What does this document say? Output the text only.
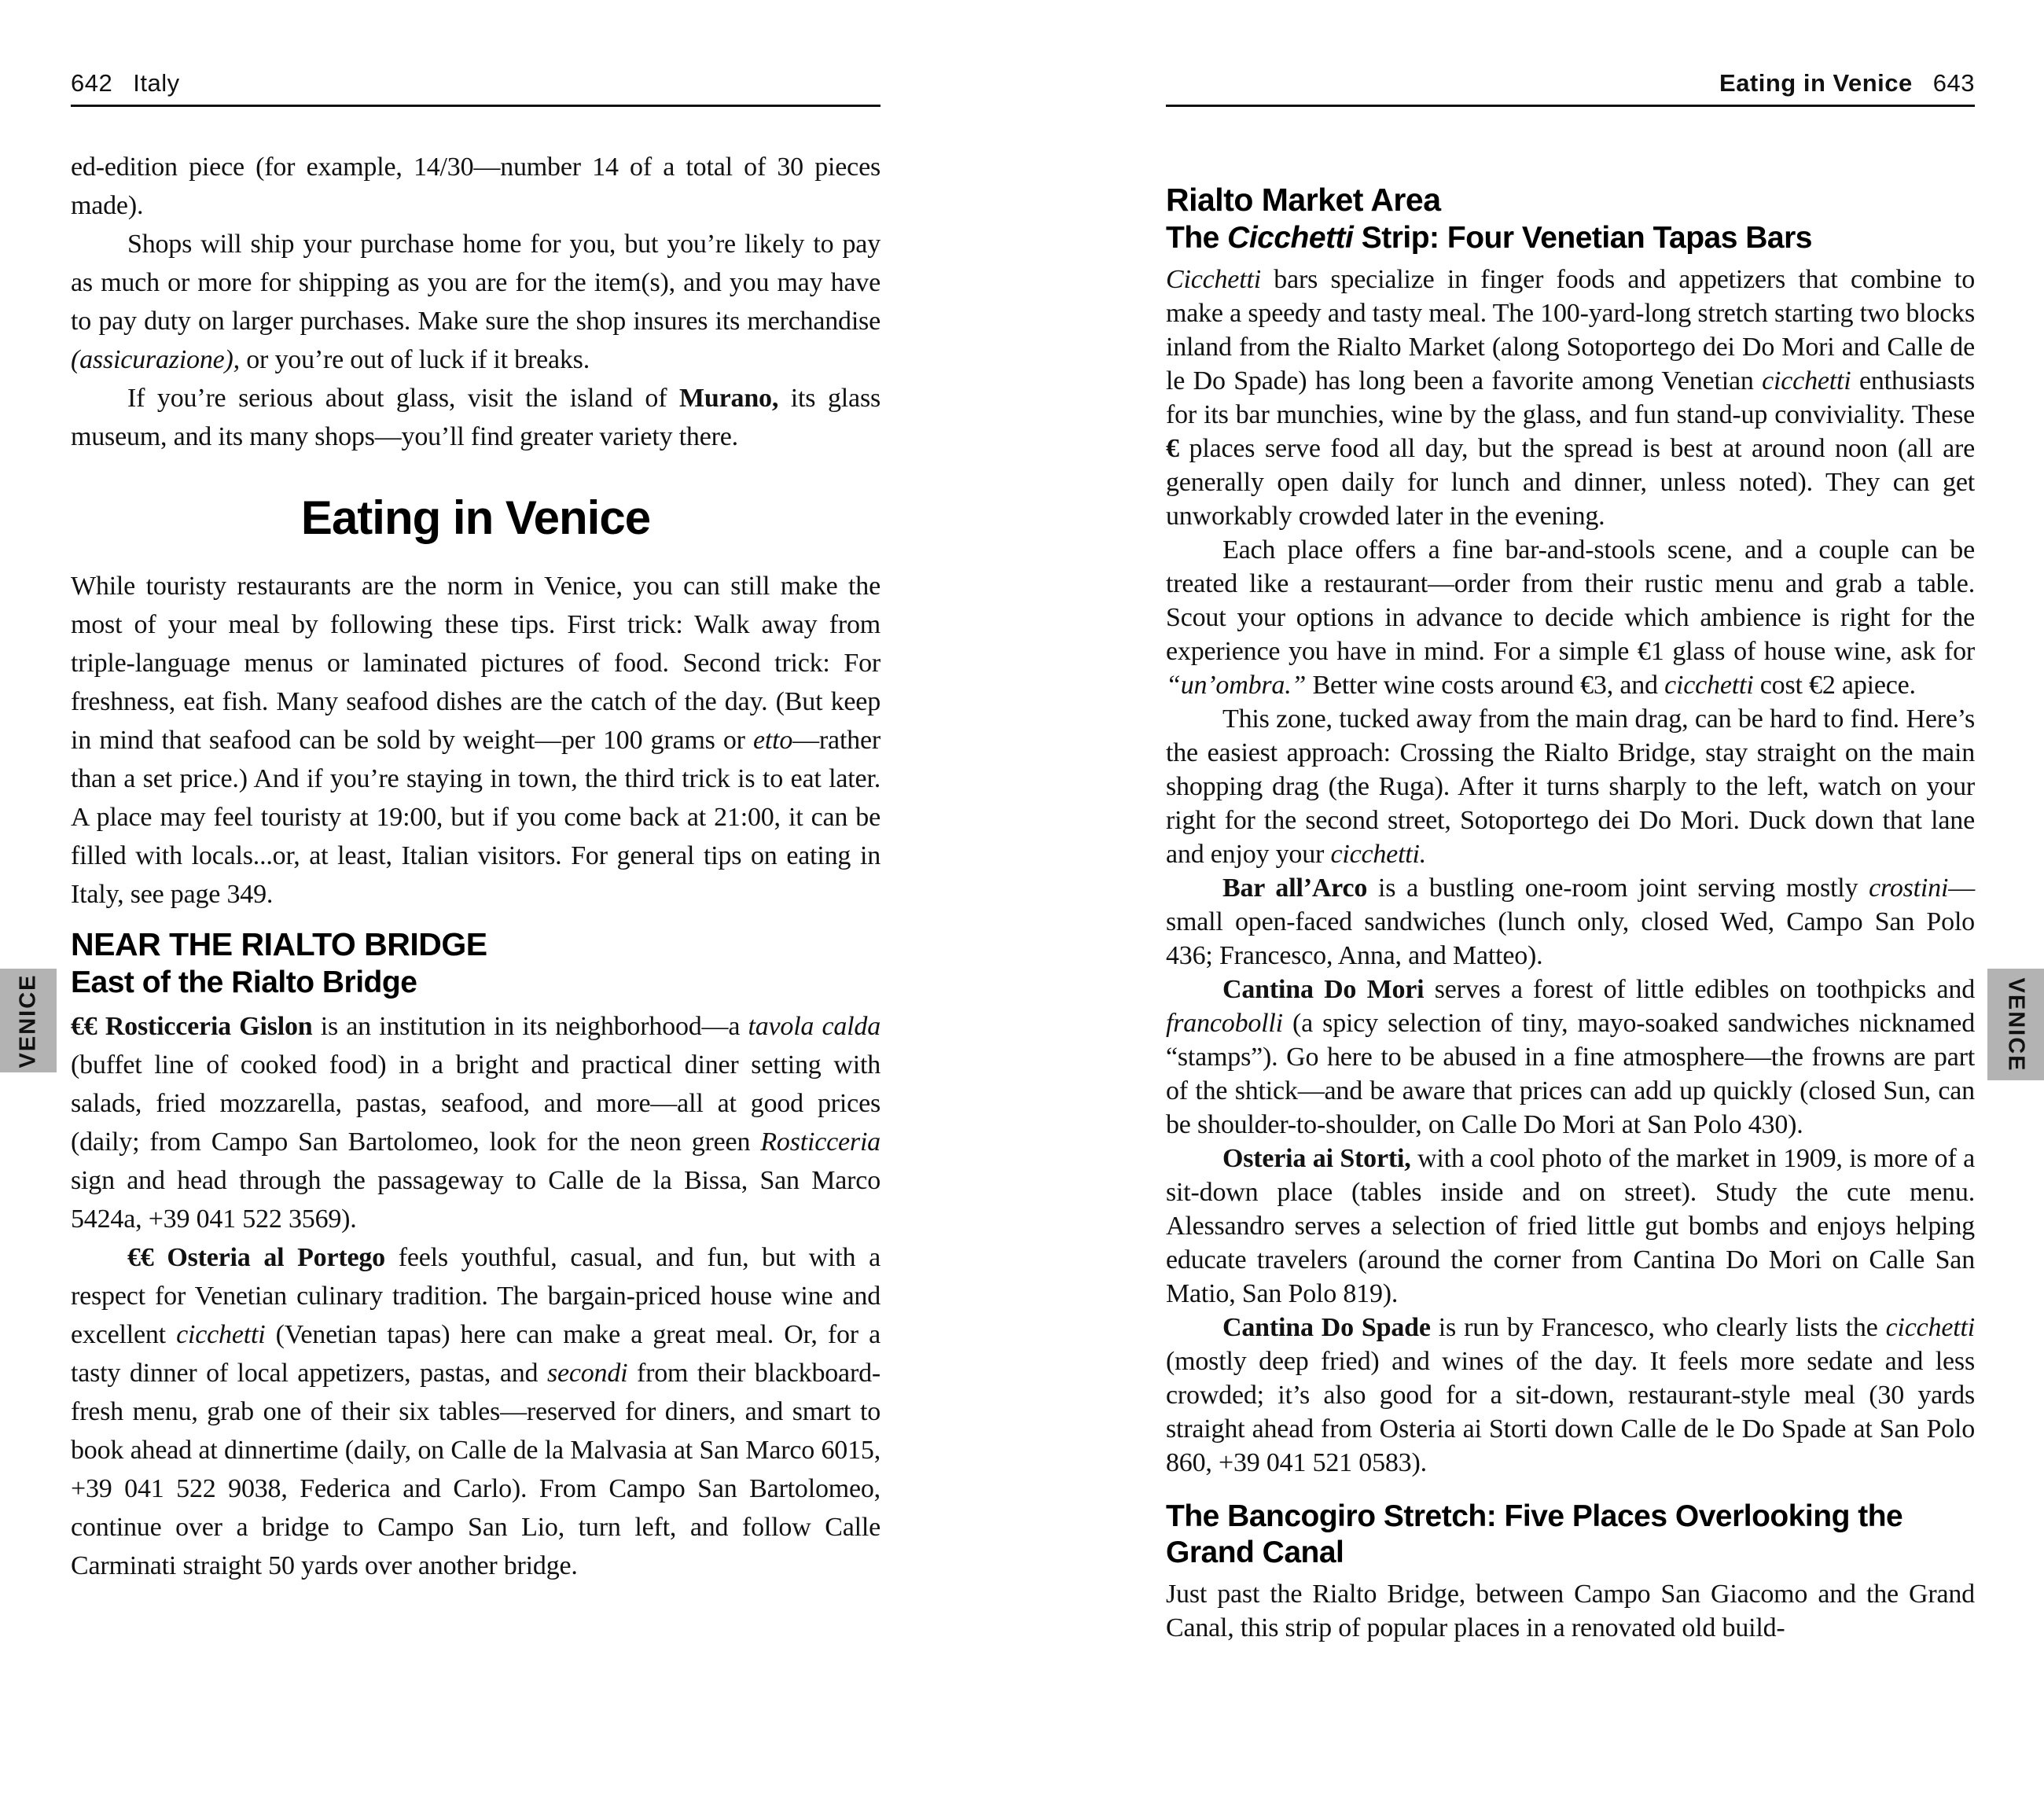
VENICE	VENICE
642 Italy

ed-edition piece (for example, 14/30—number 14 of a total of 30 pieces made).

Shops will ship your purchase home for you, but you’re likely to pay as much or more for shipping as you are for the item(s), and you may have to pay duty on larger purchases. Make sure the shop insures its merchandise (assicurazione), or you’re out of luck if it breaks.

If you’re serious about glass, visit the island of Murano, its glass museum, and its many shops—you’ll find greater variety there.

Eating in Venice

While touristy restaurants are the norm in Venice, you can still make the most of your meal by following these tips. First trick: Walk away from triple-language menus or laminated pictures of food. Second trick: For freshness, eat fish. Many seafood dishes are the catch of the day. (But keep in mind that seafood can be sold by weight—per 100 grams or etto—rather than a set price.) And if you’re staying in town, the third trick is to eat later. A place may feel touristy at 19:00, but if you come back at 21:00, it can be filled with locals...or, at least, Italian visitors. For general tips on eating in Italy, see page 349.

NEAR THE RIALTO BRIDGE
East of the Rialto Bridge

€€ Rosticceria Gislon is an institution in its neighborhood—a tavola calda (buffet line of cooked food) in a bright and practical diner setting with salads, fried mozzarella, pastas, seafood, and more—all at good prices (daily; from Campo San Bartolomeo, look for the neon green Rosticceria sign and head through the passageway to Calle de la Bissa, San Marco 5424a, +39 041 522 3569).

€€ Osteria al Portego feels youthful, casual, and fun, but with a respect for Venetian culinary tradition. The bargain-priced house wine and excellent cicchetti (Venetian tapas) here can make a great meal. Or, for a tasty dinner of local appetizers, pastas, and secondi from their blackboard-fresh menu, grab one of their six tables—reserved for diners, and smart to book ahead at dinnertime (daily, on Calle de la Malvasia at San Marco 6015, +39 041 522 9038, Federica and Carlo). From Campo San Bartolomeo, continue over a bridge to Campo San Lio, turn left, and follow Calle Carminati straight 50 yards over another bridge.

Eating in Venice 643
Rialto Market Area
The Cicchetti Strip: Four Venetian Tapas Bars

Cicchetti bars specialize in finger foods and appetizers that combine to make a speedy and tasty meal. The 100-yard-long stretch starting two blocks inland from the Rialto Market (along Sotoportego dei Do Mori and Calle de le Do Spade) has long been a favorite among Venetian cicchetti enthusiasts for its bar munchies, wine by the glass, and fun stand-up conviviality. These € places serve food all day, but the spread is best at around noon (all are generally open daily for lunch and dinner, unless noted). They can get unworkably crowded later in the evening.

Each place offers a fine bar-and-stools scene, and a couple can be treated like a restaurant—order from their rustic menu and grab a table. Scout your options in advance to decide which ambience is right for the experience you have in mind. For a simple €1 glass of house wine, ask for “un’ombra.” Better wine costs around €3, and cicchetti cost €2 apiece.

This zone, tucked away from the main drag, can be hard to find. Here’s the easiest approach: Crossing the Rialto Bridge, stay straight on the main shopping drag (the Ruga). After it turns sharply to the left, watch on your right for the second street, Sotoportego dei Do Mori. Duck down that lane and enjoy your cicchetti.

Bar all’Arco is a bustling one-room joint serving mostly crostini—small open-faced sandwiches (lunch only, closed Wed, Campo San Polo 436; Francesco, Anna, and Matteo).

Cantina Do Mori serves a forest of little edibles on toothpicks and francobolli (a spicy selection of tiny, mayo-soaked sandwiches nicknamed “stamps”). Go here to be abused in a fine atmosphere—the frowns are part of the shtick—and be aware that prices can add up quickly (closed Sun, can be shoulder-to-shoulder, on Calle Do Mori at San Polo 430).

Osteria ai Storti, with a cool photo of the market in 1909, is more of a sit-down place (tables inside and on street). Study the cute menu. Alessandro serves a selection of fried little gut bombs and enjoys helping educate travelers (around the corner from Cantina Do Mori on Calle San Matio, San Polo 819).

Cantina Do Spade is run by Francesco, who clearly lists the cicchetti (mostly deep fried) and wines of the day. It feels more sedate and less crowded; it’s also good for a sit-down, restaurant-style meal (30 yards straight ahead from Osteria ai Storti down Calle de le Do Spade at San Polo 860, +39 041 521 0583).

The Bancogiro Stretch: Five Places Overlooking the Grand Canal

Just past the Rialto Bridge, between Campo San Giacomo and the Grand Canal, this strip of popular places in a renovated old build-
